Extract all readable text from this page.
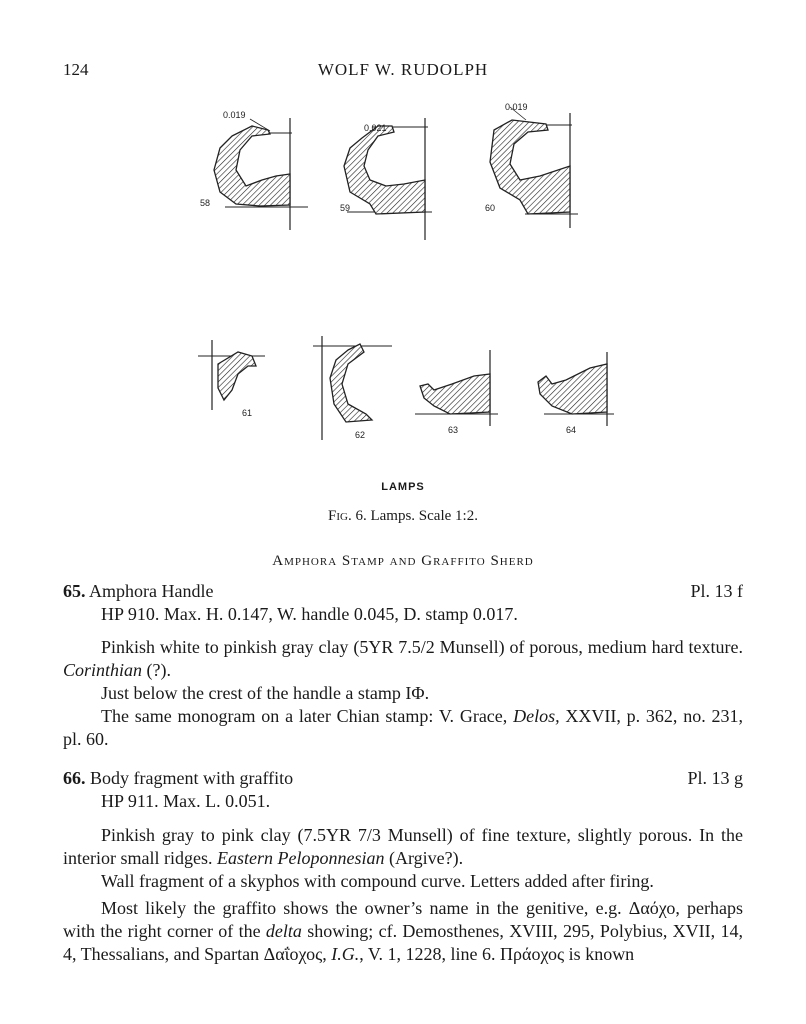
124	WOLF W. RUDOLPH
0.019
0.021
0.019
58	59	60
61
62	63	64
LAMPS
Fig. 6. Lamps. Scale 1:2.
Amphora Stamp and Graffito Sherd
65. Amphora Handle	Pl. 13 f
HP 910. Max. H. 0.147, W. handle 0.045, D. stamp 0.017.
Pinkish white to pinkish gray clay (5YR 7.5/2 Munsell) of porous, medium hard texture. Corinthian (?).
Just below the crest of the handle a stamp ΙΦ.
The same monogram on a later Chian stamp: V. Grace, Delos, XXVII, p. 362, no. 231, pl. 60.
66. Body fragment with graffito	Pl. 13 g
HP 911. Max. L. 0.051.
Pinkish gray to pink clay (7.5YR 7/3 Munsell) of fine texture, slightly porous. In the interior small ridges. Eastern Peloponnesian (Argive?).
Wall fragment of a skyphos with compound curve. Letters added after firing.
Most likely the graffito shows the owner’s name in the genitive, e.g. Δαόχο, perhaps with the right corner of the delta showing; cf. Demosthenes, XVIII, 295, Polybius, XVII, 14, 4, Thessalians, and Spartan Δαΐοχος, I.G., V. 1, 1228, line 6. Πράοχος is known
